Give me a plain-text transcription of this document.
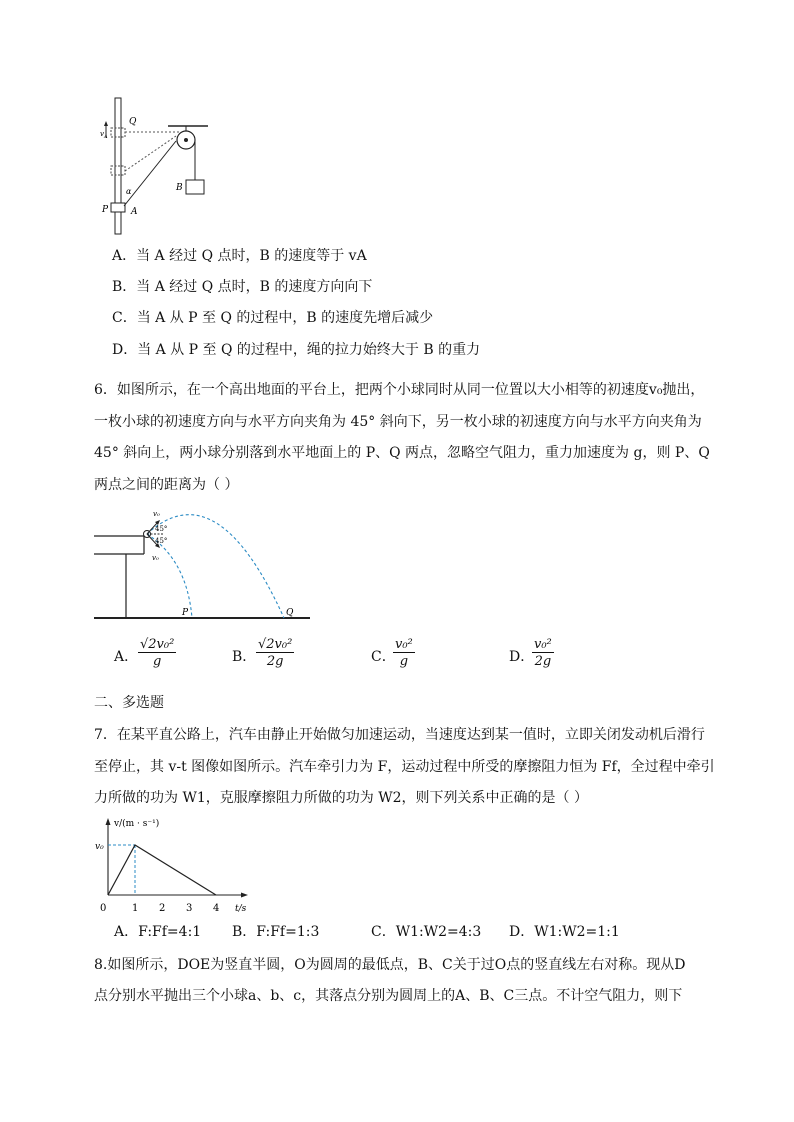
v A
Q
α
P	A
B
A．当 A 经过 Q 点时，B 的速度等于 vA
B．当 A 经过 Q 点时，B 的速度方向向下
C．当 A 从 P 至 Q 的过程中，B 的速度先增后减少
D．当 A 从 P 至 Q 的过程中，绳的拉力始终大于 B 的重力
6．如图所示，在一个高出地面的平台上，把两个小球同时从同一位置以大小相等的初速度v₀抛出，
一枚小球的初速度方向与水平方向夹角为 45° 斜向下，另一枚小球的初速度方向与水平方向夹角为
45° 斜向上，两小球分别落到水平地面上的 P、Q 两点，忽略空气阻力，重力加速度为 g，则 P、Q
两点之间的距离为（ ）
v₀
v₀
45°
45°
P	Q
A． $\frac{\text{√2v₀²}}{g}$	B． $\frac{\text{√2v₀²}}{2g}$	C．
$\frac{\text{v₀²}}{g}$	D．
$\frac{\text{v₀²}}{2g}$
二、多选题
7．在某平直公路上，汽车由静止开始做匀加速运动，当速度达到某一值时，立即关闭发动机后滑行
至停止，其 v-t 图像如图所示。汽车牵引力为 F，运动过程中所受的摩擦阻力恒为 Ff，全过程中牵引
力所做的功为 W1，克服摩擦阻力所做的功为 W2，则下列关系中正确的是（ ）
v/(m · s⁻¹)
t/s
v₀
0	1 2 3 4
A．F:Ff=4:1 B．F:Ff=1:3	C．W1:W2=4:3 D．W1:W2=1:1
8.如图所示，DOE为竖直半圆，O为圆周的最低点，B、C关于过O点的竖直线左右对称。现从D
点分别水平抛出三个小球a、b、c，其落点分别为圆周上的A、B、C三点。不计空气阻力，则下
